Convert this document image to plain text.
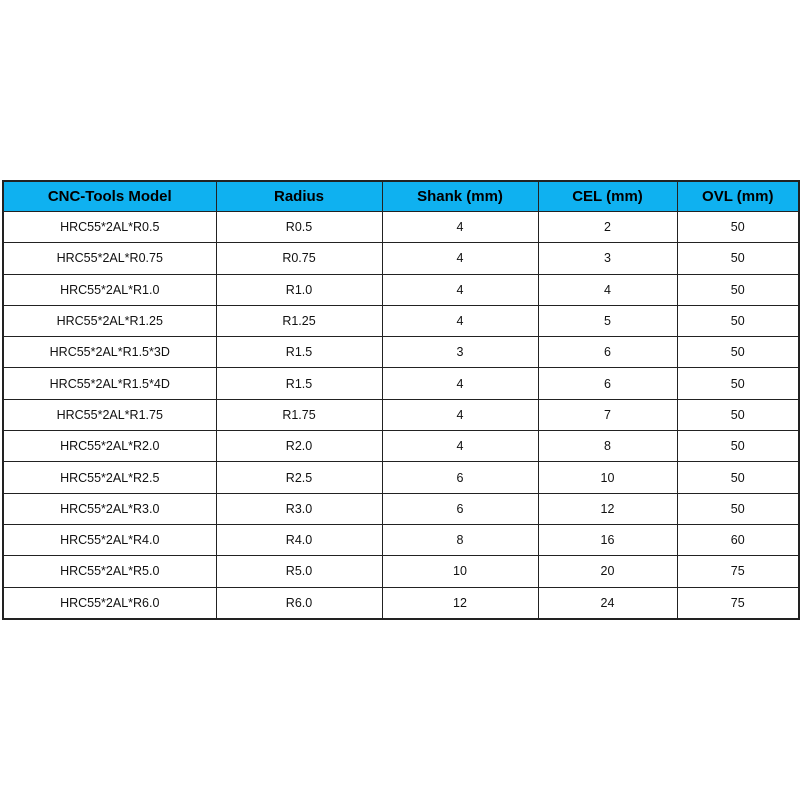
CNC-Tools Model	Radius	Shank (mm)	CEL (mm)	OVL (mm)
HRC55*2AL*R0.5	R0.5	4	2	50
HRC55*2AL*R0.75	R0.75	4	3	50
HRC55*2AL*R1.0	R1.0	4	4	50
HRC55*2AL*R1.25	R1.25	4	5	50
HRC55*2AL*R1.5*3D	R1.5	3	6	50
HRC55*2AL*R1.5*4D	R1.5	4	6	50
HRC55*2AL*R1.75	R1.75	4	7	50
HRC55*2AL*R2.0	R2.0	4	8	50
HRC55*2AL*R2.5	R2.5	6	10	50
HRC55*2AL*R3.0	R3.0	6	12	50
HRC55*2AL*R4.0	R4.0	8	16	60
HRC55*2AL*R5.0	R5.0	10	20	75
HRC55*2AL*R6.0	R6.0	12	24	75
